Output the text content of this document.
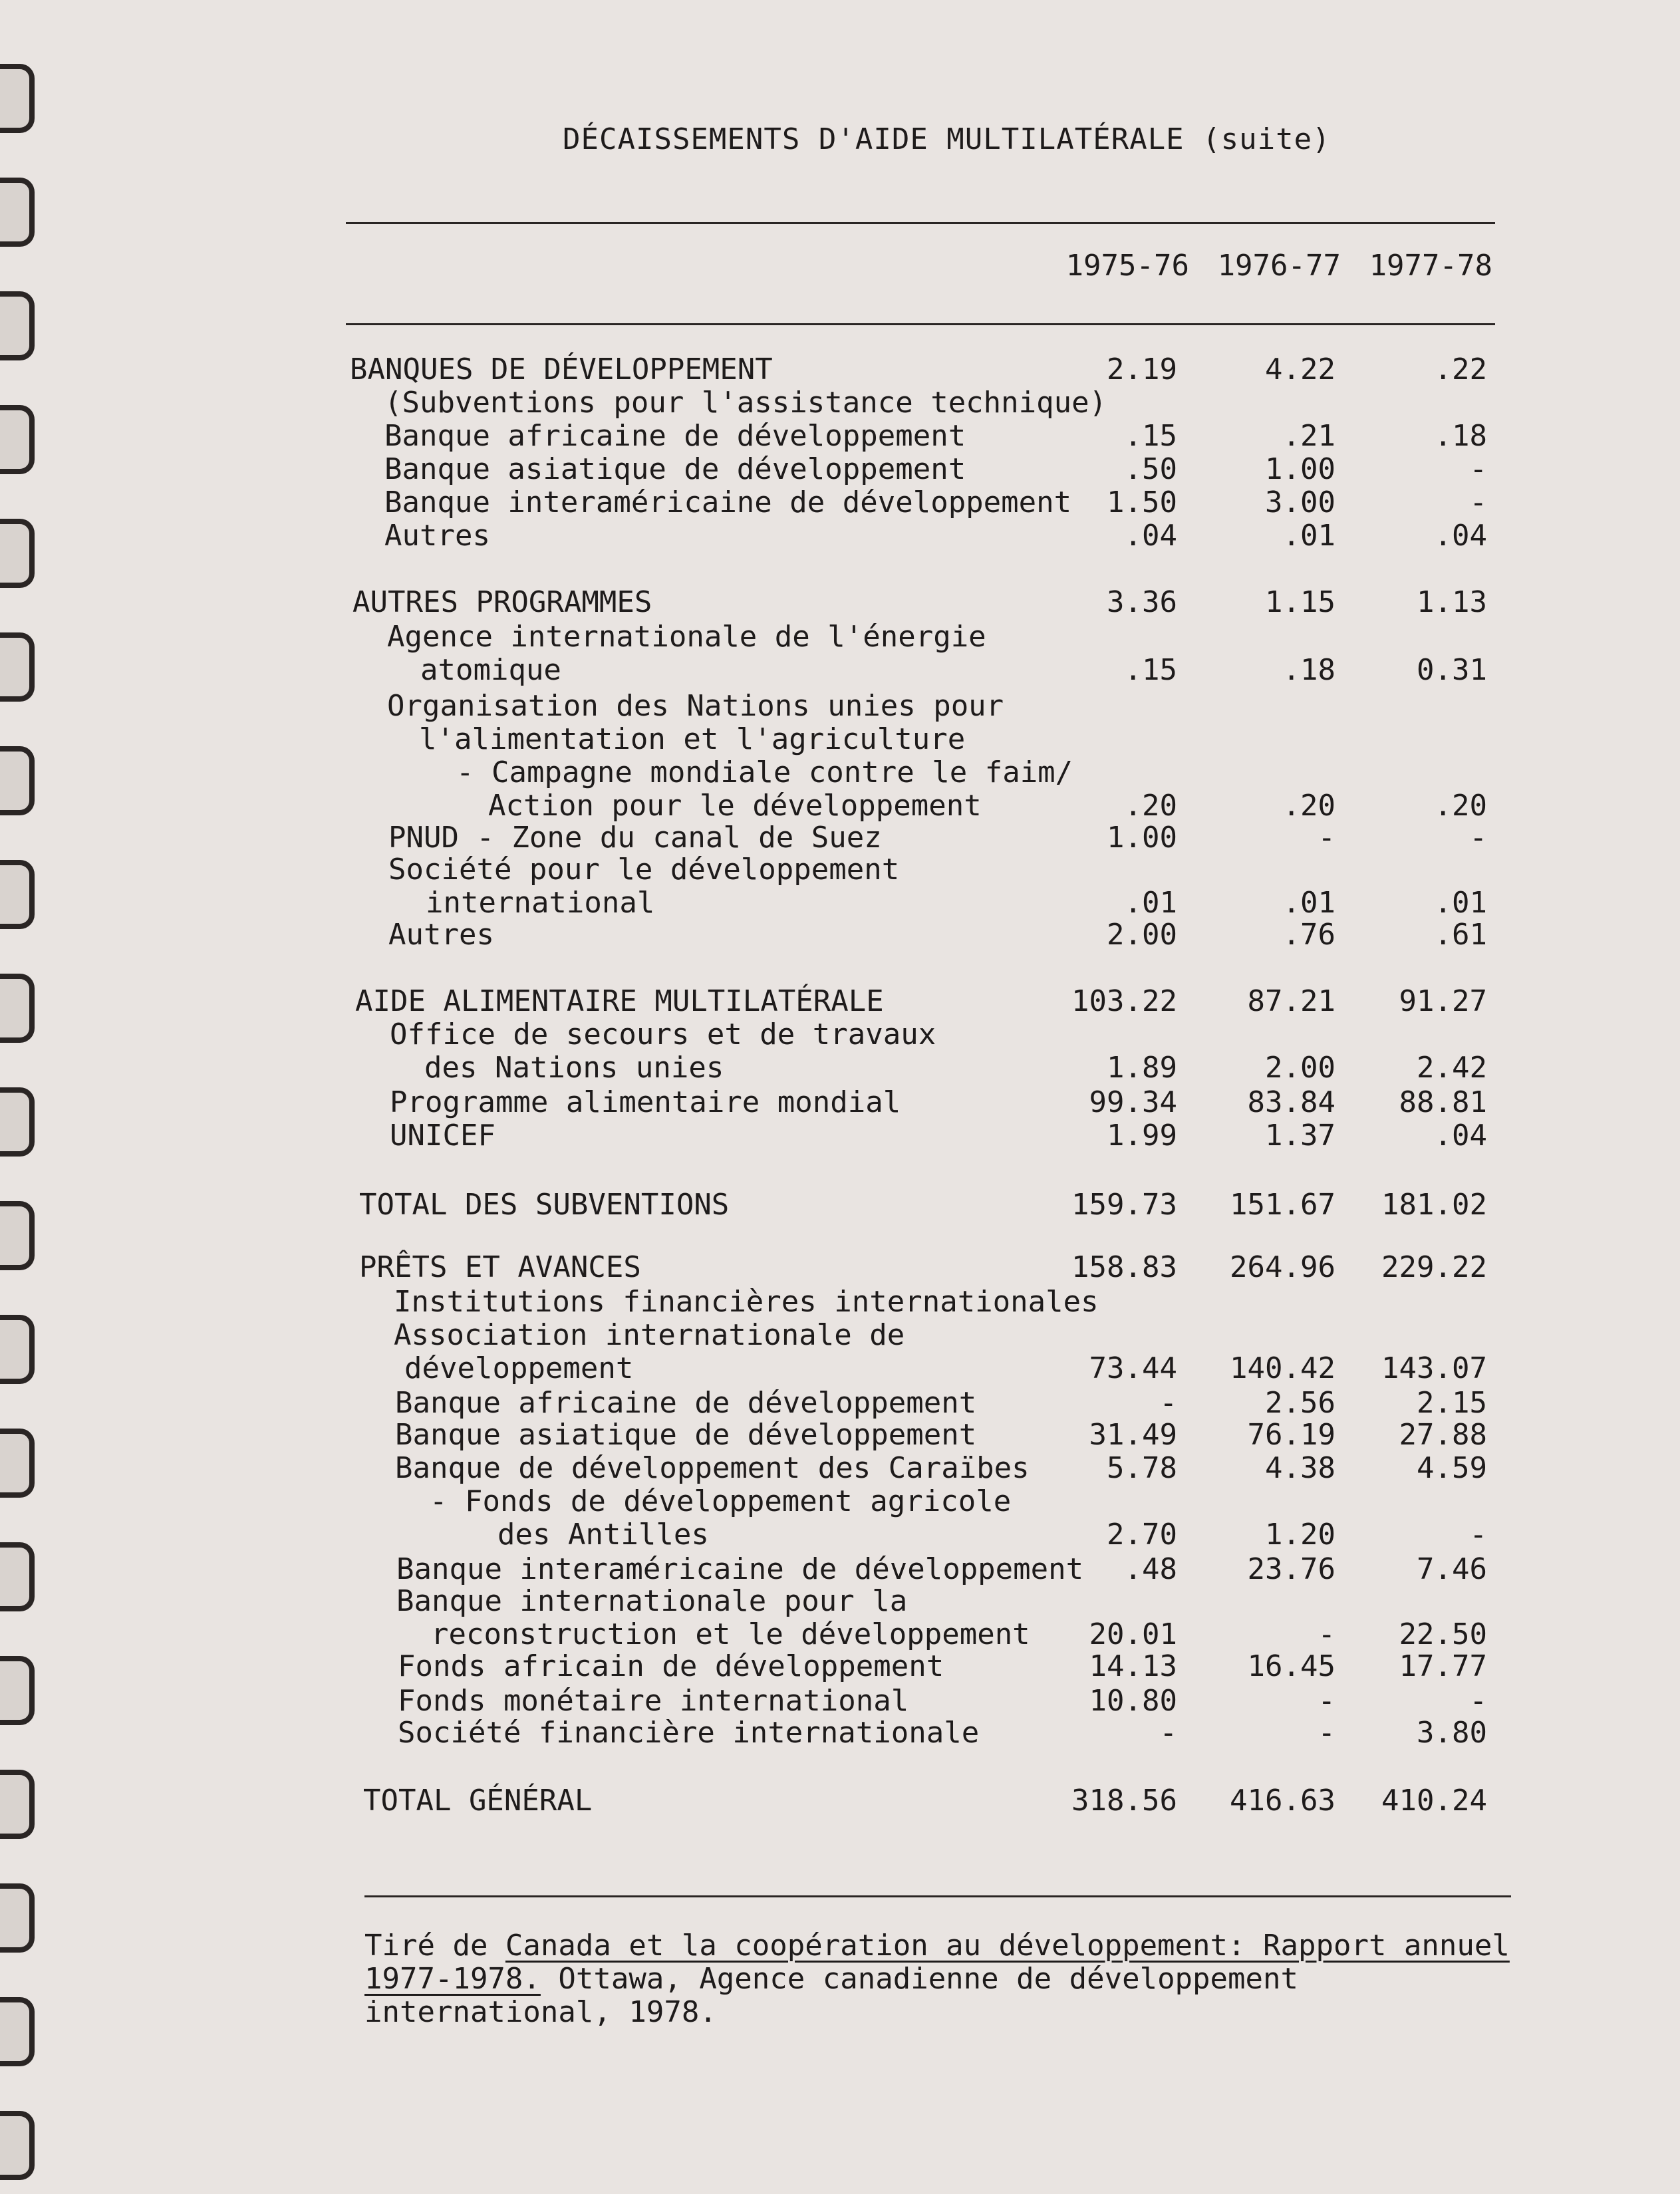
DÉCAISSEMENTS D'AIDE MULTILATÉRALE (suite)
1975-76 1976-77 1977-78
BANQUES DE DÉVELOPPEMENT	2.19	4.22	.22
(Subventions pour l'assistance technique)
Banque africaine de développement	.15	.21	.18
Banque asiatique de développement	.50	1.00	-
Banque interaméricaine de développement	1.50	3.00	-
Autres	.04	.01	.04
AUTRES PROGRAMMES	3.36	1.15	1.13
Agence internationale de l'énergie
atomique	.15	.18	0.31
Organisation des Nations unies pour
l'alimentation et l'agriculture
- Campagne mondiale contre le faim/
Action pour le développement	.20	.20	.20
PNUD - Zone du canal de Suez	1.00	-	-
Société pour le développement
international	.01	.01	.01
Autres	2.00	.76	.61
AIDE ALIMENTAIRE MULTILATÉRALE	103.22	87.21	91.27
Office de secours et de travaux
des Nations unies	1.89	2.00	2.42
Programme alimentaire mondial	99.34	83.84	88.81
UNICEF	1.99	1.37	.04
TOTAL DES SUBVENTIONS	159.73	151.67	181.02
PRÊTS ET AVANCES	158.83	264.96	229.22
Institutions financières internationales
Association internationale de
développement	73.44	140.42	143.07
Banque africaine de développement	-	2.56	2.15
Banque asiatique de développement	31.49	76.19	27.88
Banque de développement des Caraïbes	5.78	4.38	4.59
- Fonds de développement agricole
des Antilles	2.70	1.20	-
Banque interaméricaine de développement	.48	23.76	7.46
Banque internationale pour la
reconstruction et le développement	20.01	-	22.50
Fonds africain de développement	14.13	16.45	17.77
Fonds monétaire international	10.80	-	-
Société financière internationale	-	-	3.80
TOTAL GÉNÉRAL	318.56	416.63	410.24
Tiré de Canada et la coopération au développement: Rapport annuel
1977-1978. Ottawa, Agence canadienne de développement
international, 1978.
